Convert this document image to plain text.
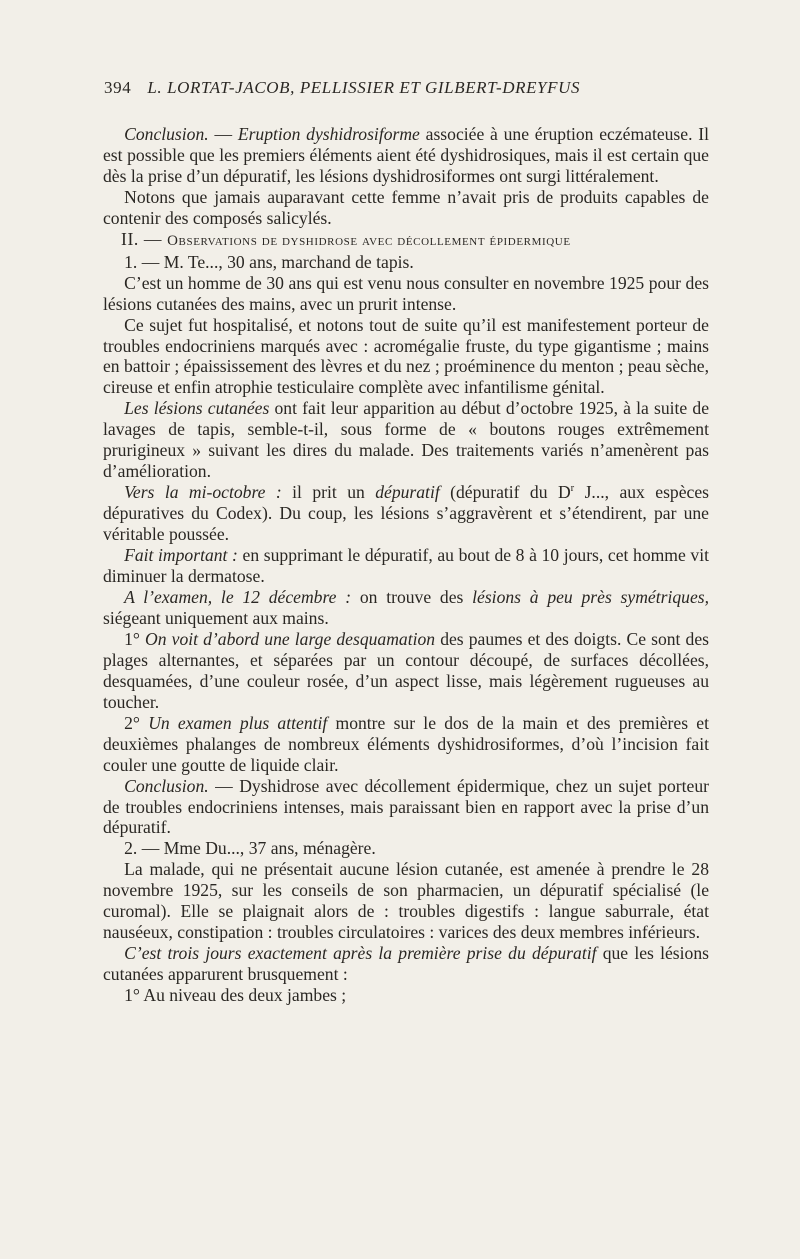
394 L. LORTAT-JACOB, PELLISSIER ET GILBERT-DREYFUS

Conclusion. — Eruption dyshidrosiforme associée à une éruption eczémateuse. Il est possible que les premiers éléments aient été dyshidrosiques, mais il est certain que dès la prise d’un dépuratif, les lésions dyshidrosiformes ont surgi littéralement.

Notons que jamais auparavant cette femme n’avait pris de produits capables de contenir des composés salicylés.

II. — Observations de dyshidrose avec décollement épidermique

1. — M. Te..., 30 ans, marchand de tapis.

C’est un homme de 30 ans qui est venu nous consulter en novembre 1925 pour des lésions cutanées des mains, avec un prurit intense.

Ce sujet fut hospitalisé, et notons tout de suite qu’il est manifestement porteur de troubles endocriniens marqués avec : acromégalie fruste, du type gigantisme ; mains en battoir ; épaississement des lèvres et du nez ; proéminence du menton ; peau sèche, cireuse et enfin atrophie testiculaire complète avec infantilisme génital.

Les lésions cutanées ont fait leur apparition au début d’octobre 1925, à la suite de lavages de tapis, semble-t-il, sous forme de « boutons rouges extrêmement prurigineux » suivant les dires du malade. Des traitements variés n’amenèrent pas d’amélioration.

Vers la mi-octobre : il prit un dépuratif (dépuratif du $D^r$ J..., aux espèces dépuratives du Codex). Du coup, les lésions s’aggravèrent et s’étendirent, par une véritable poussée.

Fait important : en supprimant le dépuratif, au bout de 8 à 10 jours, cet homme vit diminuer la dermatose.

A l’examen, le 12 décembre : on trouve des lésions à peu près symétriques, siégeant uniquement aux mains.

1° On voit d’abord une large desquamation des paumes et des doigts. Ce sont des plages alternantes, et séparées par un contour découpé, de surfaces décollées, desquamées, d’une couleur rosée, d’un aspect lisse, mais légèrement rugueuses au toucher.

2° Un examen plus attentif montre sur le dos de la main et des premières et deuxièmes phalanges de nombreux éléments dyshidrosiformes, d’où l’incision fait couler une goutte de liquide clair.

Conclusion. — Dyshidrose avec décollement épidermique, chez un sujet porteur de troubles endocriniens intenses, mais paraissant bien en rapport avec la prise d’un dépuratif.

2. — Mme Du..., 37 ans, ménagère.

La malade, qui ne présentait aucune lésion cutanée, est amenée à prendre le 28 novembre 1925, sur les conseils de son pharmacien, un dépuratif spécialisé (le curomal). Elle se plaignait alors de : troubles digestifs : langue saburrale, état nauséeux, constipation : troubles circulatoires : varices des deux membres inférieurs.

C’est trois jours exactement après la première prise du dépuratif que les lésions cutanées apparurent brusquement :

1° Au niveau des deux jambes ;
